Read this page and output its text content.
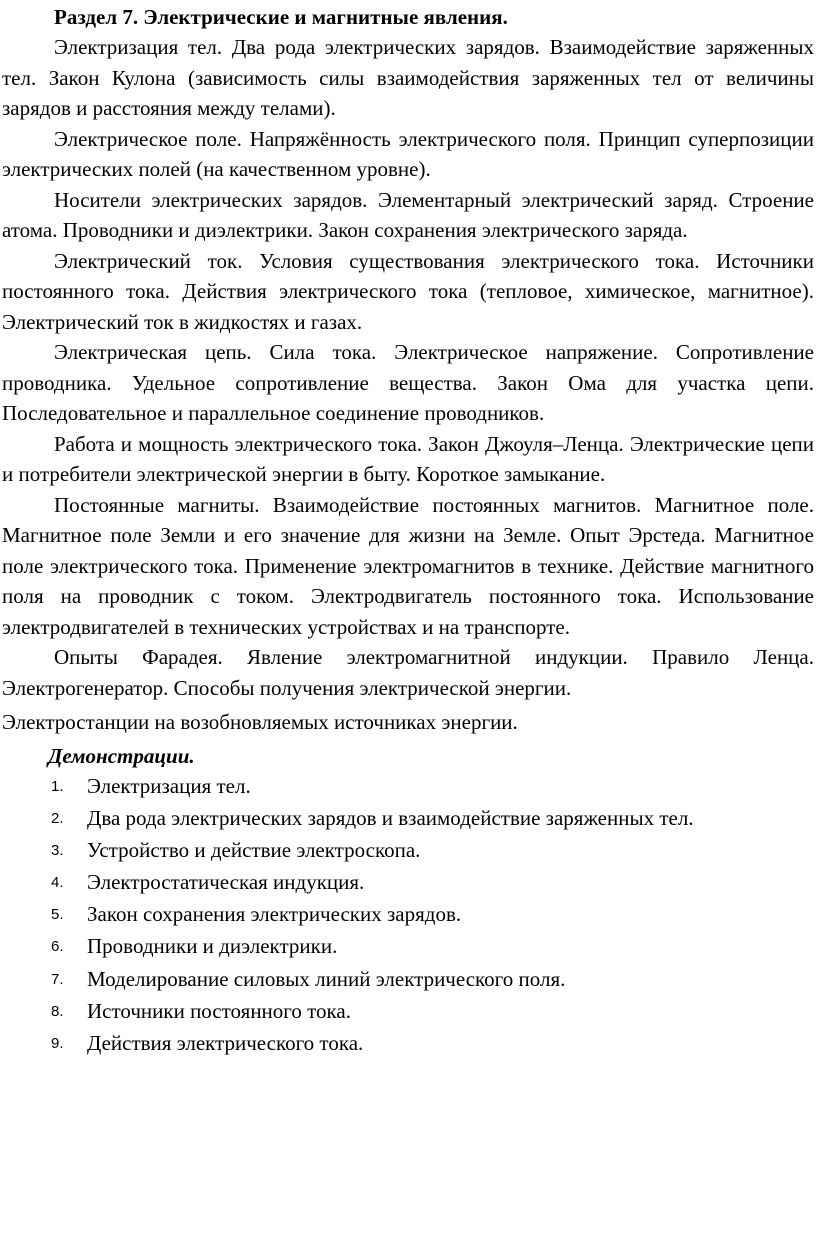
Раздел 7. Электрические и магнитные явления.

Электризация тел. Два рода электрических зарядов. Взаимодействие заряженных тел. Закон Кулона (зависимость силы взаимодействия заряженных тел от величины зарядов и расстояния между телами).

Электрическое поле. Напряжённость электрического поля. Принцип суперпозиции электрических полей (на качественном уровне).

Носители электрических зарядов. Элементарный электрический заряд. Строение атома. Проводники и диэлектрики. Закон сохранения электрического заряда.

Электрический ток. Условия существования электрического тока. Источники постоянного тока. Действия электрического тока (тепловое, химическое, магнитное). Электрический ток в жидкостях и газах.

Электрическая цепь. Сила тока. Электрическое напряжение. Сопротивление проводника. Удельное сопротивление вещества. Закон Ома для участка цепи. Последовательное и параллельное соединение проводников.

Работа и мощность электрического тока. Закон Джоуля–Ленца. Электрические цепи и потребители электрической энергии в быту. Короткое замыкание.

Постоянные магниты. Взаимодействие постоянных магнитов. Магнитное поле. Магнитное поле Земли и его значение для жизни на Земле. Опыт Эрстеда. Магнитное поле электрического тока. Применение электромагнитов в технике. Действие магнитного поля на проводник с током. Электродвигатель постоянного тока. Использование электродвигателей в технических устройствах и на транспорте.

Опыты Фарадея. Явление электромагнитной индукции. Правило Ленца. Электрогенератор. Способы получения электрической энергии.

Электростанции на возобновляемых источниках энергии.

Демонстрации.

1. Электризация тел.
2. Два рода электрических зарядов и взаимодействие заряженных тел.
3. Устройство и действие электроскопа.
4. Электростатическая индукция.
5. Закон сохранения электрических зарядов.
6. Проводники и диэлектрики.
7. Моделирование силовых линий электрического поля.
8. Источники постоянного тока.
9. Действия электрического тока.
